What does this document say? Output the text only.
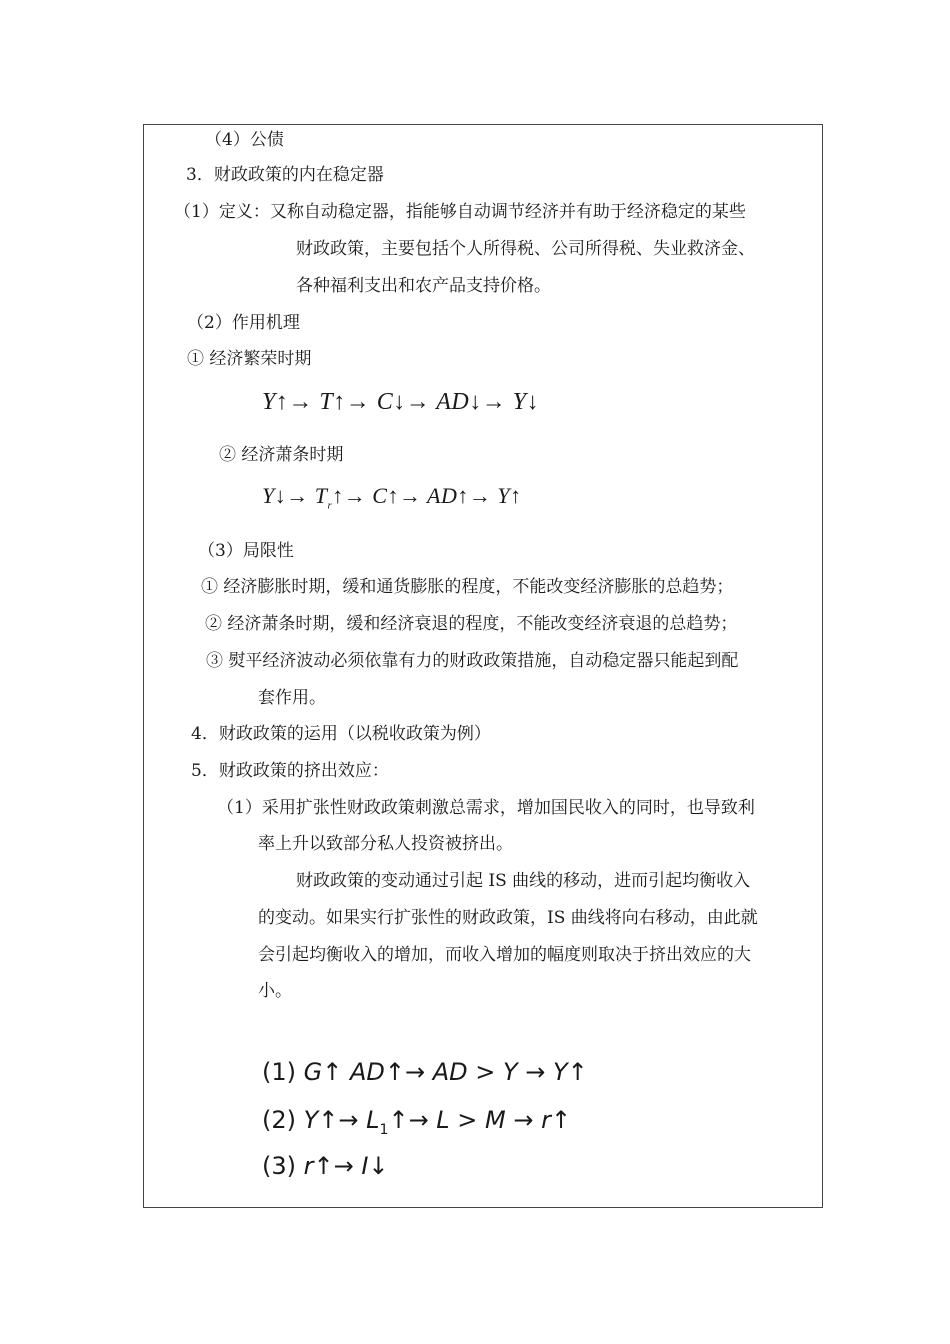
（4）公债
3．财政政策的内在稳定器
（1）定义：又称自动稳定器，指能够自动调节经济并有助于经济稳定的某些
财政政策，主要包括个人所得税、公司所得税、失业救济金、
各种福利支出和农产品支持价格。
（2）作用机理
① 经济繁荣时期
Y↑→ T↑→ C↓→ AD↓→ Y↓
② 经济萧条时期
Y↓→ $T_r↑\to$ C↑→ AD↑→ Y↑
（3）局限性
① 经济膨胀时期，缓和通货膨胀的程度，不能改变经济膨胀的总趋势；
② 经济萧条时期，缓和经济衰退的程度，不能改变经济衰退的总趋势；
③ 熨平经济波动必须依靠有力的财政政策措施，自动稳定器只能起到配
套作用。
4．财政政策的运用（以税收政策为例）
5．财政政策的挤出效应：
（1）采用扩张性财政政策刺激总需求，增加国民收入的同时，也导致利
率上升以致部分私人投资被挤出。
财政政策的变动通过引起 IS 曲线的移动，进而引起均衡收入
的变动。如果实行扩张性的财政政策，IS 曲线将向右移动，由此就
会引起均衡收入的增加，而收入增加的幅度则取决于挤出效应的大
小。
(1) G↑ AD↑→ AD > Y → Y↑
(2) Y↑→ $L_1↑\to L > M$ → r↑
(3) r↑→ I↓
